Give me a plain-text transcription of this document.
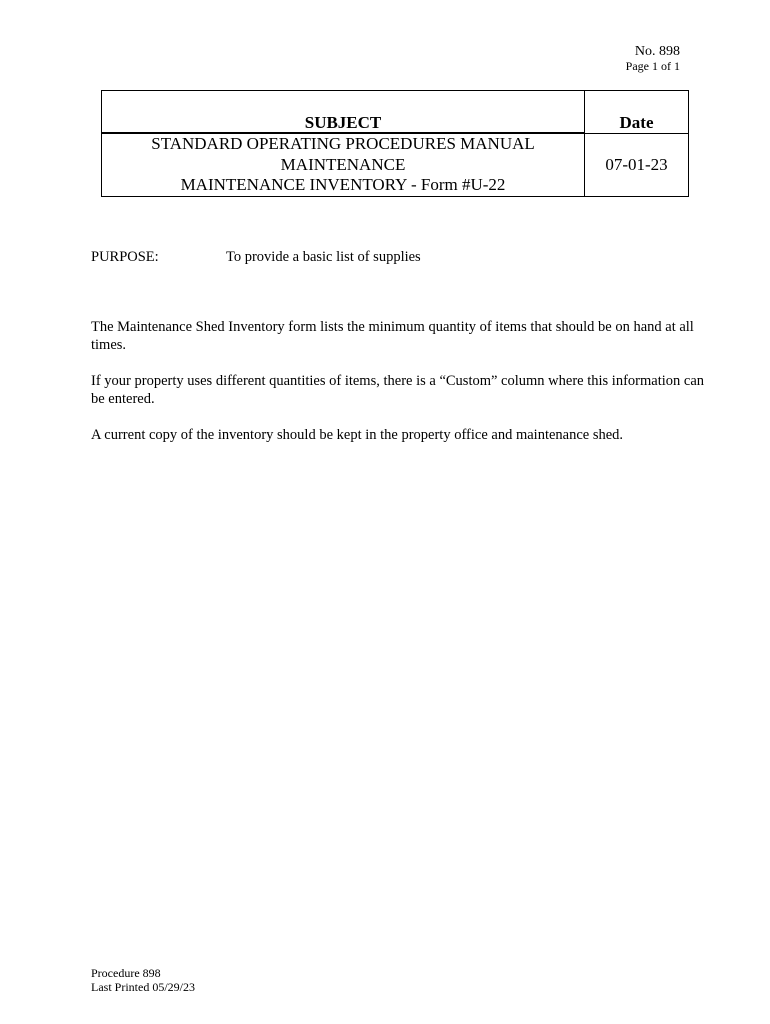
No. 898
Page 1 of 1
SUBJECT	Date

STANDARD OPERATING PROCEDURES MANUAL
MAINTENANCE
MAINTENANCE INVENTORY - Form #U-22	07-01-23
PURPOSE:	To provide a basic list of supplies

The Maintenance Shed Inventory form lists the minimum quantity of items that should be on hand at all times.

If your property uses different quantities of items, there is a “Custom” column where this information can be entered.

A current copy of the inventory should be kept in the property office and maintenance shed.

Procedure 898
Last Printed 05/29/23
